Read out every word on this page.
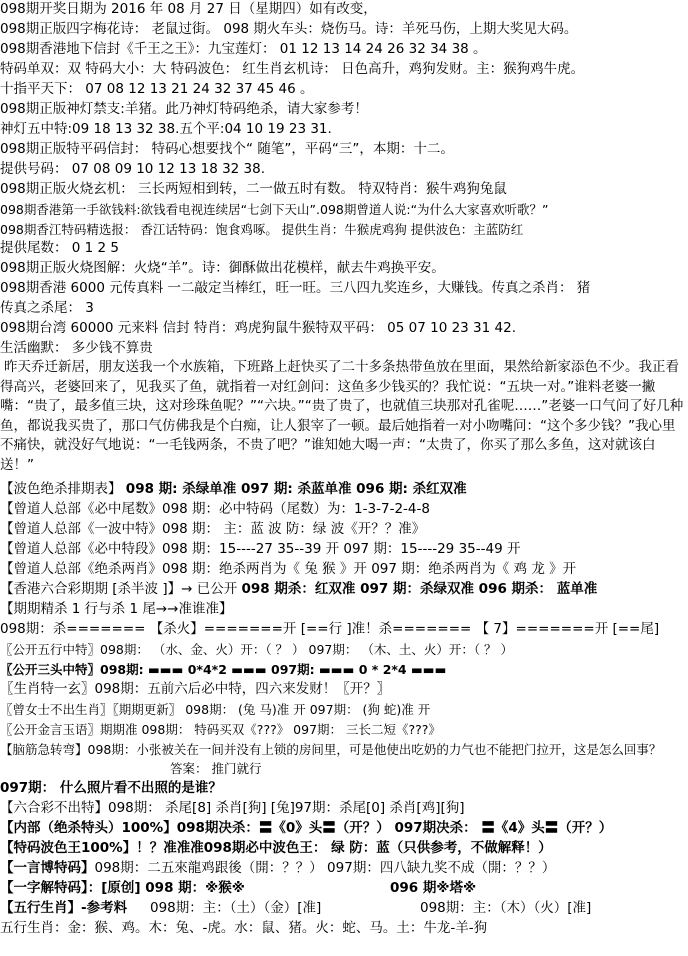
098期开奖日期为 2016 年 08 月 27 日（星期四）如有改变，
098期正版四字梅花诗： 老鼠过街。 098 期火车头：烧伤马。诗：羊死马伤，上期大奖见大码。
098期香港地下信封《千王之王》：九宝莲灯： 01 12 13 14 24 26 32 34 38 。
特码单双：双 特码大小：大 特码波色： 红生肖玄机诗： 日色高升，鸡狗发财。主：猴狗鸡牛虎。
十指平天下： 07 08 12 13 21 24 32 37 45 46 。
098期正版神灯禁支:羊猪。此乃神灯特码绝杀，请大家参考！
神灯五中特:09 18 13 32 38.五个平:04 10 19 23 31.
098期正版特平码信封： 特码心想要找个“ 随笔”，平码“三”，本期：十二。
提供号码： 07 08 09 10 12 13 18 32 38.
098期正版火烧玄机： 三长两短相到转，二一做五时有数。 特双特肖：猴牛鸡狗兔鼠
098期香港第一手欲钱料:欲钱看电视连续居“七剑下天山”.098期曾道人说:“为什么大家喜欢听歌？”
098期香江特码精选报： 香江话特码：饱食鸡啄。 提供生肖：牛猴虎鸡狗 提供波色：主蓝防红
提供尾数： 0 1 2 5
098期正版火烧图解：火烧“羊”。诗：御酥做出花模样，献去牛鸡换平安。
098期香港 6000 元传真料 一二敲定当棒红，旺一旺。三八四九奖连乡，大赚钱。传真之杀肖： 猪
传真之杀尾： 3
098期台湾 60000 元来料 信封 特肖：鸡虎狗鼠牛猴特双平码： 05 07 10 23 31 42.
生活幽默： 多少钱不算贵
昨天乔迁新居，朋友送我一个水族箱，下班路上赶快买了二十多条热带鱼放在里面，果然给新家添色不少。我正看得高兴，老婆回来了，见我买了鱼，就指着一对红剑问：这鱼多少钱买的？我忙说：“五块一对。”谁料老婆一撇嘴：“贵了，最多值三块，这对珍珠鱼呢？”“六块。”“贵了贵了，也就值三块那对孔雀呢……”老婆一口气问了好几种鱼，都说我买贵了，那口气仿佛我是个白痴，让人狠宰了一顿。最后她指着一对小吻嘴问：“这个多少钱？”我心里不痛快，就没好气地说：“一毛钱两条，不贵了吧？”谁知她大喝一声：“太贵了，你买了那么多鱼，这对就该白送！”
【波色绝杀排期表】 098 期: 杀绿单准 097 期: 杀蓝单准 096 期: 杀红双准
【曾道人总部《必中尾数》098 期：必中特码（尾数）为：1-3-7-2-4-8
【曾道人总部《一波中特》098 期： 主：蓝 波 防：绿 波《开？？准》
【曾道人总部《必中特段》098 期：15----27 35--39 开 097 期：15----29 35--49 开
【曾道人总部《绝杀两肖》098 期：绝杀两肖为《 兔 猴 》开 097 期：绝杀两肖为《 鸡 龙 》开
【香港六合彩期期 [杀半波 ]】→ 已公开 098 期杀：红双准 097 期：杀绿双准 096 期杀： 蓝单准
【期期精杀 1 行与杀 1 尾→→准谁准】
098期：杀======= 【杀火】=======开 [==行 ]准！杀======= 【 7】=======开 [==尾]
〖公开五行中特〗098期： （水、金、火）开：（ ？ ） 097期： （木、土、火）开：（ ？ ）
〖公开三头中特〗098期: ▬▬▬ 0*4*2 ▬▬▬ 097期: ▬▬▬ 0 * 2*4 ▬▬▬
〖生肖特一玄〗098期：五前六后必中特，四六来发财！〖开？〗
〖曾女士不出生肖〗〖期期更新〗 098期： (兔 马)准 开 097期： (狗 蛇)准 开
〖公开金言玉语〗期期准 098期： 特码买双《???》 097期： 三长二短《???》
【脑筋急转弯】098期：小张被关在一间并没有上锁的房间里，可是他使出吃奶的力气也不能把门拉开，这是怎么回事？
答案： 推门就行
097期： 什么照片看不出照的是谁？
【六合彩不出特】098期： 杀尾[8] 杀肖[狗] [兔]97期：杀尾[0] 杀肖[鸡][狗]
【内部（绝杀特头）100%】098期决杀：〓《0》头〓（开？） 097期决杀： 〓《4》头〓（开？）
【特码波色王100%】！？准准准098期必中波色王： 绿 防：蓝（只供参考，不做解释！）
【一言博特码】098期：二五來龍鸡跟後（開：？？） 097期：四八缺九奖不成（開：？？）
【一字解特码】：[原创] 098 期：※猴※	096 期※塔※
【五行生肖】-参考料 098期：主：（土）（金）[准]	098期：主：（木）（火）[准]
五行生肖：金：猴、鸡。木：兔、-虎。水：鼠、猪。火：蛇、马。土：牛龙-羊-狗
